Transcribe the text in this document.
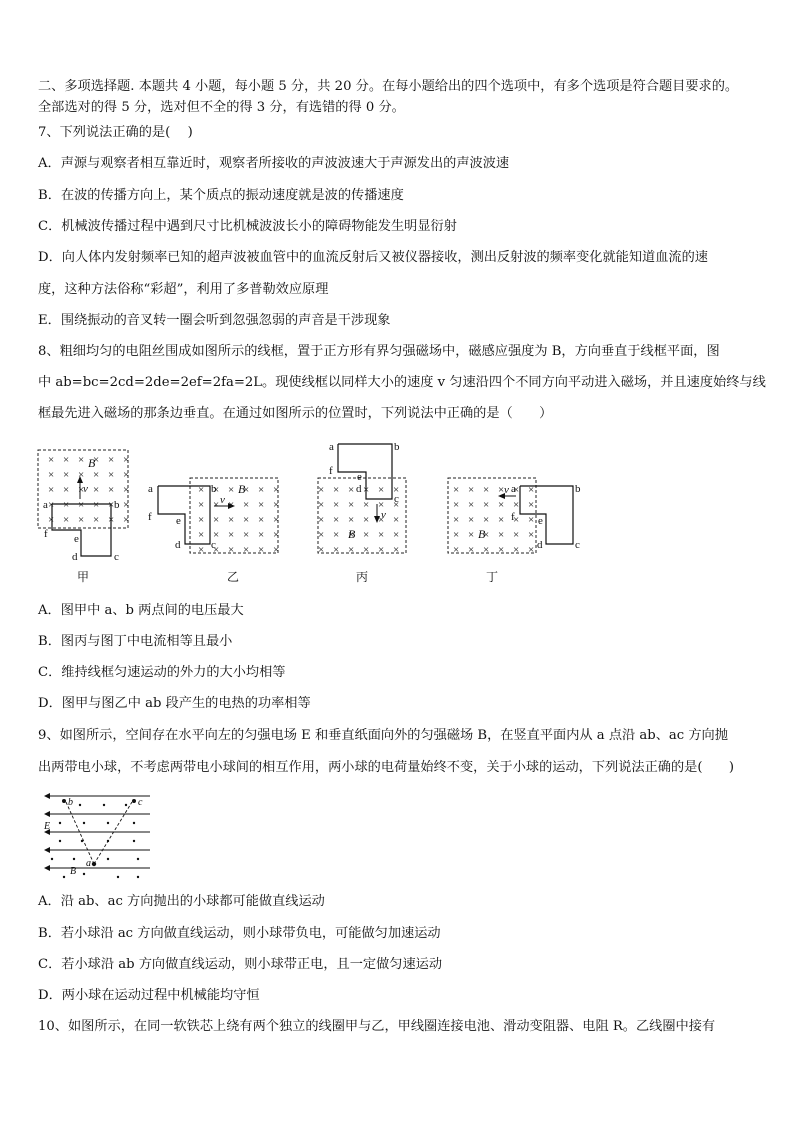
二、多项选择题. 本题共 4 小题，每小题 5 分，共 20 分。在每小题给出的四个选项中，有多个选项是符合题目要求的。
全部选对的得 5 分，选对但不全的得 3 分，有选错的得 0 分。
7、下列说法正确的是(　 )
A．声源与观察者相互靠近时，观察者所接收的声波波速大于声源发出的声波波速
B．在波的传播方向上，某个质点的振动速度就是波的传播速度
C．机械波传播过程中遇到尺寸比机械波波长小的障碍物能发生明显衍射
D．向人体内发射频率已知的超声波被血管中的血流反射后又被仪器接收，测出反射波的频率变化就能知道血流的速
度，这种方法俗称“彩超”，利用了多普勒效应原理
E．围绕振动的音叉转一圈会听到忽强忽弱的声音是干涉现象
8、粗细均匀的电阻丝围成如图所示的线框，置于正方形有界匀强磁场中，磁感应强度为 B，方向垂直于线框平面，图
中 ab=bc=2cd=2de=2ef=2fa=2L。现使线框以同样大小的速度 v 匀速沿四个不同方向平动进入磁场，并且速度始终与线
框最先进入磁场的那条边垂直。在通过如图所示的位置时，下列说法中正确的是（　　）
v
B
a	b
c
d
e
f
甲
v
B
a	b
c
d
e
f
乙
v
B
a	b
c
d
e
f
丙
v
B
a	b
c
d
e
f
丁
A．图甲中 a、b 两点间的电压最大
B．图丙与图丁中电流相等且最小
C．维持线框匀速运动的外力的大小均相等
D．图甲与图乙中 ab 段产生的电热的功率相等
9、如图所示，空间存在水平向左的匀强电场 E 和垂直纸面向外的匀强磁场 B，在竖直平面内从 a 点沿 ab、ac 方向抛
出两带电小球，不考虑两带电小球间的相互作用，两小球的电荷量始终不变，关于小球的运动，下列说法正确的是(　　)
b	c
a
E
B
A．沿 ab、ac 方向抛出的小球都可能做直线运动
B．若小球沿 ac 方向做直线运动，则小球带负电，可能做匀加速运动
C．若小球沿 ab 方向做直线运动，则小球带正电，且一定做匀速运动
D．两小球在运动过程中机械能均守恒
10、如图所示，在同一软铁芯上绕有两个独立的线圈甲与乙，甲线圈连接电池、滑动变阻器、电阻 R。乙线圈中接有
